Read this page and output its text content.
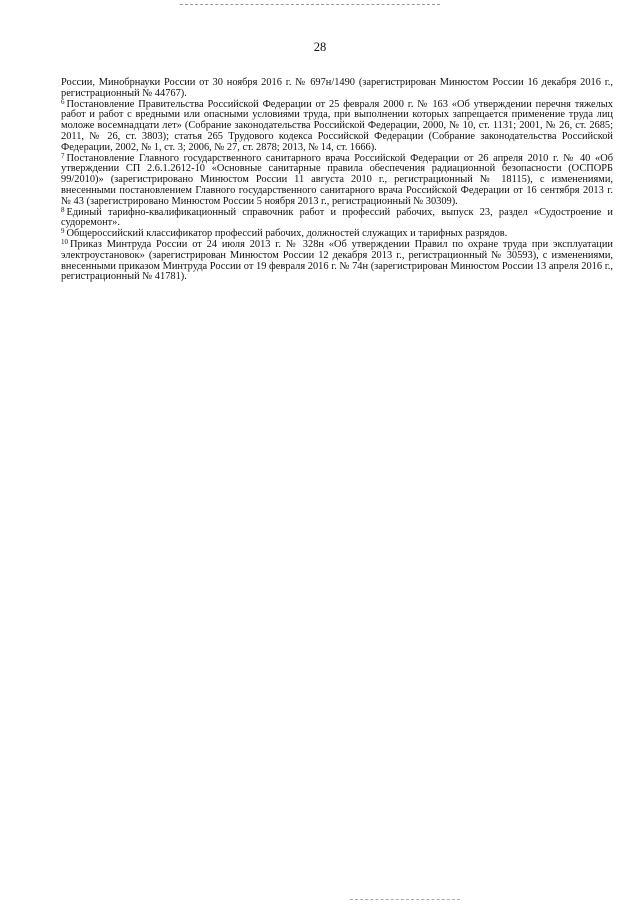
28

России, Минобрнауки России от 30 ноября 2016 г. № 697н/1490 (зарегистрирован Минюстом России 16 декабря 2016 г., регистрационный № 44767).

$^6$ Постановление Правительства Российской Федерации от 25 февраля 2000 г. № 163 «Об утверждении перечня тяжелых работ и работ с вредными или опасными условиями труда, при выполнении которых запрещается применение труда лиц моложе восемнадцати лет» (Собрание законодательства Российской Федерации, 2000, № 10, ст. 1131; 2001, № 26, ст. 2685; 2011, № 26, ст. 3803); статья 265 Трудового кодекса Российской Федерации (Собрание законодательства Российской Федерации, 2002, № 1, ст. 3; 2006, № 27, ст. 2878; 2013, № 14, ст. 1666).

$^7$ Постановление Главного государственного санитарного врача Российской Федерации от 26 апреля 2010 г. № 40 «Об утверждении СП 2.6.1.2612-10 «Основные санитарные правила обеспечения радиационной безопасности (ОСПОРБ 99/2010)» (зарегистрировано Минюстом России 11 августа 2010 г., регистрационный № 18115), с изменениями, внесенными постановлением Главного государственного санитарного врача Российской Федерации от 16 сентября 2013 г. № 43 (зарегистрировано Минюстом России 5 ноября 2013 г., регистрационный № 30309).

$^8$ Единый тарифно-квалификационный справочник работ и профессий рабочих, выпуск 23, раздел «Судостроение и судоремонт».

$^9$ Общероссийский классификатор профессий рабочих, должностей служащих и тарифных разрядов.

$^{10}$ Приказ Минтруда России от 24 июля 2013 г. № 328н «Об утверждении Правил по охране труда при эксплуатации электроустановок» (зарегистрирован Минюстом России 12 декабря 2013 г., регистрационный № 30593), с изменениями, внесенными приказом Минтруда России от 19 февраля 2016 г. № 74н (зарегистрирован Минюстом России 13 апреля 2016 г., регистрационный № 41781).
